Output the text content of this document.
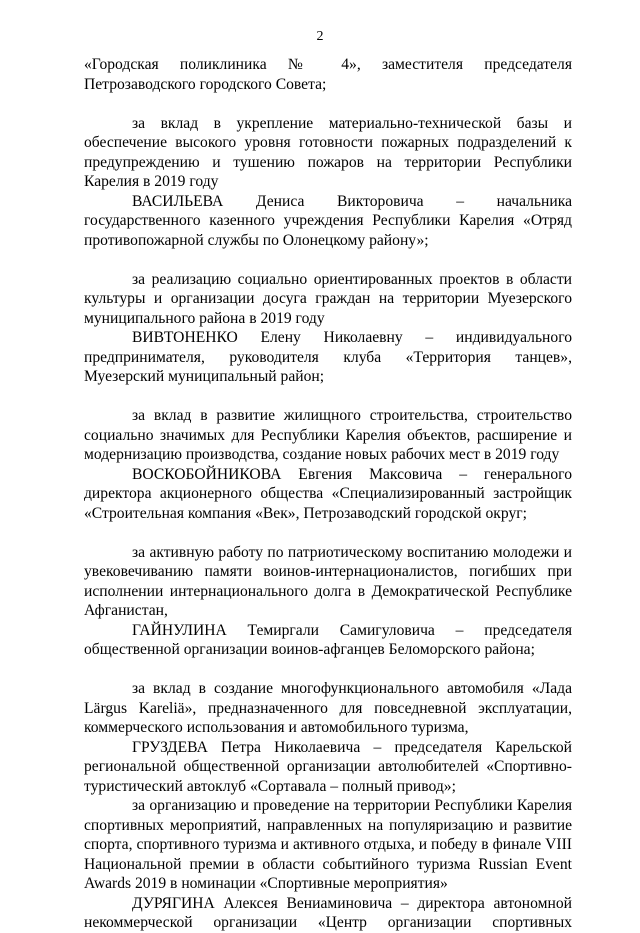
2

«Городская поликлиника № 4», заместителя председателя Петрозаводского городского Совета;

за вклад в укрепление материально-технической базы и обеспечение высокого уровня готовности пожарных подразделений к предупреждению и тушению пожаров на территории Республики Карелия в 2019 году

ВАСИЛЬЕВА Дениса Викторовича – начальника государственного казенного учреждения Республики Карелия «Отряд противопожарной службы по Олонецкому району»;

за реализацию социально ориентированных проектов в области культуры и организации досуга граждан на территории Муезерского муниципального района в 2019 году

ВИВТОНЕНКО Елену Николаевну – индивидуального предпринимателя, руководителя клуба «Территория танцев», Муезерский муниципальный район;

за вклад в развитие жилищного строительства, строительство социально значимых для Республики Карелия объектов, расширение и модернизацию производства, создание новых рабочих мест в 2019 году

ВОСКОБОЙНИКОВА Евгения Максовича – генерального директора акционерного общества «Специализированный застройщик «Строительная компания «Век», Петрозаводский городской округ;

за активную работу по патриотическому воспитанию молодежи и увековечиванию памяти воинов-интернационалистов, погибших при исполнении интернационального долга в Демократической Республике Афганистан,

ГАЙНУЛИНА Темиргали Самигуловича – председателя общественной организации воинов-афганцев Беломорского района;

за вклад в создание многофункционального автомобиля «Лада Lärgus Kareliä», предназначенного для повседневной эксплуатации, коммерческого использования и автомобильного туризма,

ГРУЗДЕВА Петра Николаевича – председателя Карельской региональной общественной организации автолюбителей «Спортивно-туристический автоклуб «Сортавала – полный привод»;

за организацию и проведение на территории Республики Карелия спортивных мероприятий, направленных на популяризацию и развитие спорта, спортивного туризма и активного отдыха, и победу в финале VIII Национальной премии в области событийного туризма Russian Event Awards 2019 в номинации «Спортивные мероприятия»

ДУРЯГИНА Алексея Вениаминовича – директора автономной некоммерческой организации «Центр организации спортивных
